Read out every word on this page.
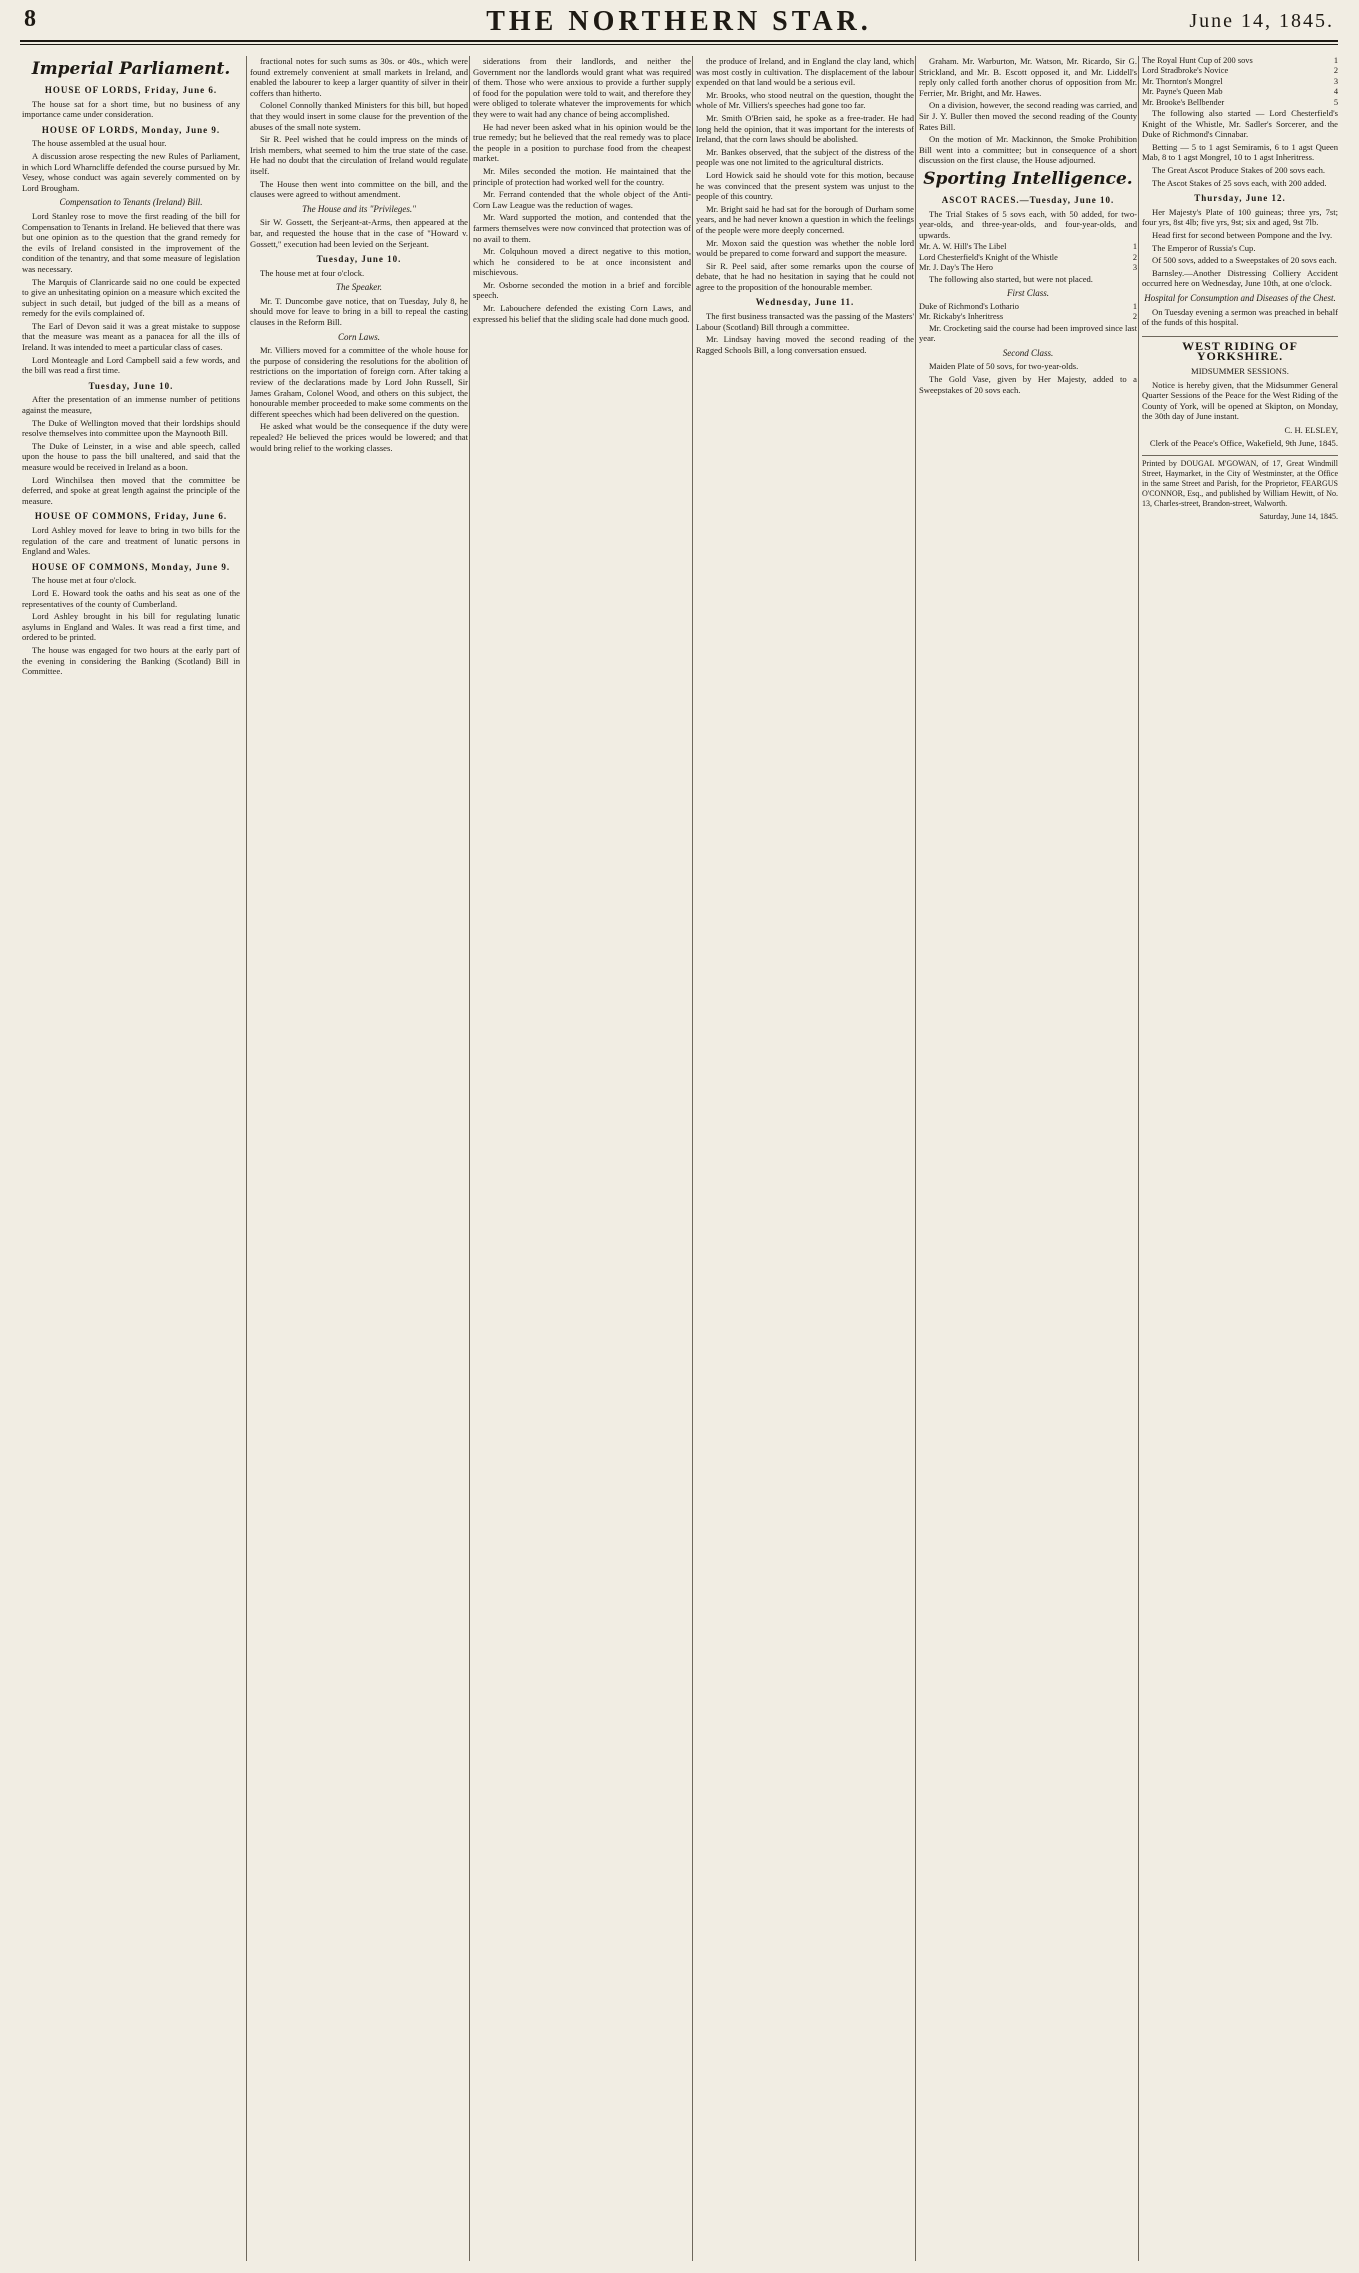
8	THE NORTHERN STAR.	June 14, 1845.
Imperial Parliament.
HOUSE OF LORDS, Friday, June 6.

The house sat for a short time, but no business of any importance came under consideration.

HOUSE OF LORDS, Monday, June 9.

The house assembled at the usual hour.

A discussion arose respecting the new Rules of Parliament, in which Lord Wharncliffe defended the course pursued by Mr. Vesey, whose conduct was again severely commented on by Lord Brougham.

Compensation to Tenants (Ireland) Bill.

Lord Stanley rose to move the first reading of the bill for Compensation to Tenants in Ireland. He believed that there was but one opinion as to the question that the grand remedy for the evils of Ireland consisted in the improvement of the condition of the tenantry, and that some measure of legislation was necessary.

The Marquis of Clanricarde said no one could be expected to give an unhesitating opinion on a measure which excited the subject in such detail, but judged of the bill as a means of remedy for the evils complained of.

The Earl of Devon said it was a great mistake to suppose that the measure was meant as a panacea for all the ills of Ireland. It was intended to meet a particular class of cases.

Lord Monteagle and Lord Campbell said a few words, and the bill was read a first time.

Tuesday, June 10.

After the presentation of an immense number of petitions against the measure,

The Duke of Wellington moved that their lordships should resolve themselves into committee upon the Maynooth Bill.

The Duke of Leinster, in a wise and able speech, called upon the house to pass the bill unaltered, and said that the measure would be received in Ireland as a boon.

Lord Winchilsea then moved that the committee be deferred, and spoke at great length against the principle of the measure.

HOUSE OF COMMONS, Friday, June 6.

Lord Ashley moved for leave to bring in two bills for the regulation of the care and treatment of lunatic persons in England and Wales.

HOUSE OF COMMONS, Monday, June 9.

The house met at four o'clock.

Lord E. Howard took the oaths and his seat as one of the representatives of the county of Cumberland.

Lord Ashley brought in his bill for regulating lunatic asylums in England and Wales. It was read a first time, and ordered to be printed.

The house was engaged for two hours at the early part of the evening in considering the Banking (Scotland) Bill in Committee.

fractional notes for such sums as 30s. or 40s., which were found extremely convenient at small markets in Ireland, and enabled the labourer to keep a larger quantity of silver in their coffers than hitherto.

Colonel Connolly thanked Ministers for this bill, but hoped that they would insert in some clause for the prevention of the abuses of the small note system.

Sir R. Peel wished that he could impress on the minds of Irish members, what seemed to him the true state of the case. He had no doubt that the circulation of Ireland would regulate itself.

The House then went into committee on the bill, and the clauses were agreed to without amendment.

The House and its "Privileges."

Sir W. Gossett, the Serjeant-at-Arms, then appeared at the bar, and requested the house that in the case of "Howard v. Gossett," execution had been levied on the Serjeant.

Tuesday, June 10.

The house met at four o'clock.

The Speaker.

Mr. T. Duncombe gave notice, that on Tuesday, July 8, he should move for leave to bring in a bill to repeal the casting clauses in the Reform Bill.

Corn Laws.

Mr. Villiers moved for a committee of the whole house for the purpose of considering the resolutions for the abolition of restrictions on the importation of foreign corn. After taking a review of the declarations made by Lord John Russell, Sir James Graham, Colonel Wood, and others on this subject, the honourable member proceeded to make some comments on the different speeches which had been delivered on the question.

He asked what would be the consequence if the duty were repealed? He believed the prices would be lowered; and that would bring relief to the working classes.

siderations from their landlords, and neither the Government nor the landlords would grant what was required of them. Those who were anxious to provide a further supply of food for the population were told to wait, and therefore they were obliged to tolerate whatever the improvements for which they were to wait had any chance of being accomplished.

He had never been asked what in his opinion would be the true remedy; but he believed that the real remedy was to place the people in a position to purchase food from the cheapest market.

Mr. Miles seconded the motion. He maintained that the principle of protection had worked well for the country.

Mr. Ferrand contended that the whole object of the Anti-Corn Law League was the reduction of wages.

Mr. Ward supported the motion, and contended that the farmers themselves were now convinced that protection was of no avail to them.

Mr. Colquhoun moved a direct negative to this motion, which he considered to be at once inconsistent and mischievous.

Mr. Osborne seconded the motion in a brief and forcible speech.

Mr. Labouchere defended the existing Corn Laws, and expressed his belief that the sliding scale had done much good.

the produce of Ireland, and in England the clay land, which was most costly in cultivation. The displacement of the labour expended on that land would be a serious evil.

Mr. Brooks, who stood neutral on the question, thought the whole of Mr. Villiers's speeches had gone too far.

Mr. Smith O'Brien said, he spoke as a free-trader. He had long held the opinion, that it was important for the interests of Ireland, that the corn laws should be abolished.

Mr. Bankes observed, that the subject of the distress of the people was one not limited to the agricultural districts.

Lord Howick said he should vote for this motion, because he was convinced that the present system was unjust to the people of this country.

Mr. Bright said he had sat for the borough of Durham some years, and he had never known a question in which the feelings of the people were more deeply concerned.

Mr. Moxon said the question was whether the noble lord would be prepared to come forward and support the measure.

Sir R. Peel said, after some remarks upon the course of debate, that he had no hesitation in saying that he could not agree to the proposition of the honourable member.

Wednesday, June 11.

The first business transacted was the passing of the Masters' Labour (Scotland) Bill through a committee.

Mr. Lindsay having moved the second reading of the Ragged Schools Bill, a long conversation ensued.

Graham. Mr. Warburton, Mr. Watson, Mr. Ricardo, Sir G. Strickland, and Mr. B. Escott opposed it, and Mr. Liddell's reply only called forth another chorus of opposition from Mr. Ferrier, Mr. Bright, and Mr. Hawes.

On a division, however, the second reading was carried, and Sir J. Y. Buller then moved the second reading of the County Rates Bill.

On the motion of Mr. Mackinnon, the Smoke Prohibition Bill went into a committee; but in consequence of a short discussion on the first clause, the House adjourned.

Sporting Intelligence.
ASCOT RACES.—Tuesday, June 10.

The Trial Stakes of 5 sovs each, with 50 added, for two-year-olds, and three-year-olds, and four-year-olds, and upwards.

Mr. A. W. Hill's The Libel	1
Lord Chesterfield's Knight of the Whistle	2
Mr. J. Day's The Hero	3

The following also started, but were not placed.

First Class.
Duke of Richmond's Lothario	1
Mr. Rickaby's Inheritress	2

Mr. Crocketing said the course had been improved since last year.

Second Class.

Maiden Plate of 50 sovs, for two-year-olds.

The Gold Vase, given by Her Majesty, added to a Sweepstakes of 20 sovs each.

The Royal Hunt Cup of 200 sovs	1
Lord Stradbroke's Novice	2
Mr. Thornton's Mongrel	3
Mr. Payne's Queen Mab	4
Mr. Brooke's Bellbender	5

The following also started — Lord Chesterfield's Knight of the Whistle, Mr. Sadler's Sorcerer, and the Duke of Richmond's Cinnabar.

Betting — 5 to 1 agst Semiramis, 6 to 1 agst Queen Mab, 8 to 1 agst Mongrel, 10 to 1 agst Inheritress.

The Great Ascot Produce Stakes of 200 sovs each.

The Ascot Stakes of 25 sovs each, with 200 added.

Thursday, June 12.

Her Majesty's Plate of 100 guineas; three yrs, 7st; four yrs, 8st 4lb; five yrs, 9st; six and aged, 9st 7lb.

Head first for second between Pompone and the Ivy.

The Emperor of Russia's Cup.

Of 500 sovs, added to a Sweepstakes of 20 sovs each.

Barnsley.—Another Distressing Colliery Accident occurred here on Wednesday, June 10th, at one o'clock.

Hospital for Consumption and Diseases of the Chest.

On Tuesday evening a sermon was preached in behalf of the funds of this hospital.

WEST RIDING OF YORKSHIRE.
MIDSUMMER SESSIONS.

Notice is hereby given, that the Midsummer General Quarter Sessions of the Peace for the West Riding of the County of York, will be opened at Skipton, on Monday, the 30th day of June instant.

C. H. ELSLEY,
Clerk of the Peace's Office, Wakefield, 9th June, 1845.
Printed by DOUGAL M'GOWAN, of 17, Great Windmill Street, Haymarket, in the City of Westminster, at the Office in the same Street and Parish, for the Proprietor, FEARGUS O'CONNOR, Esq., and published by William Hewitt, of No. 13, Charles-street, Brandon-street, Walworth.
Saturday, June 14, 1845.
